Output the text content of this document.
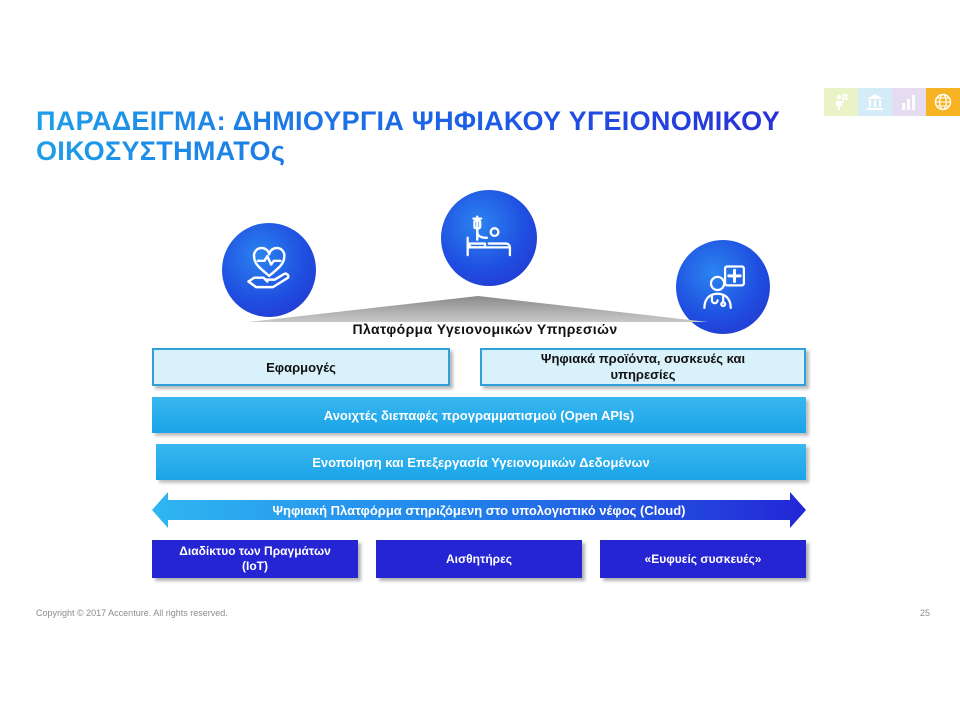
ΠΑΡΑΔΕΙΓΜΑ: ΔΗΜΙΟΥΡΓΙΑ ΨΗΦΙΑΚΟΥ ΥΓΕΙΟΝΟΜΙΚΟΥ
ΟΙΚΟΣΥΣΤΗΜΑΤΟς
Πλατφόρμα Υγειονομικών Υπηρεσιών
Εφαρμογές
Ψηφιακά προϊόντα, συσκευές και υπηρεσίες
Ανοιχτές διεπαφές προγραμματισμού (Open APIs)
Ενοποίηση και Επεξεργασία Υγειονομικών Δεδομένων
Ψηφιακή Πλατφόρμα στηριζόμενη στο υπολογιστικό νέφος (Cloud)
Διαδίκτυο των Πραγμάτων (IoT)	Αισθητήρες	«Ευφυείς συσκευές»
Copyright © 2017 Accenture. All rights reserved.	25
